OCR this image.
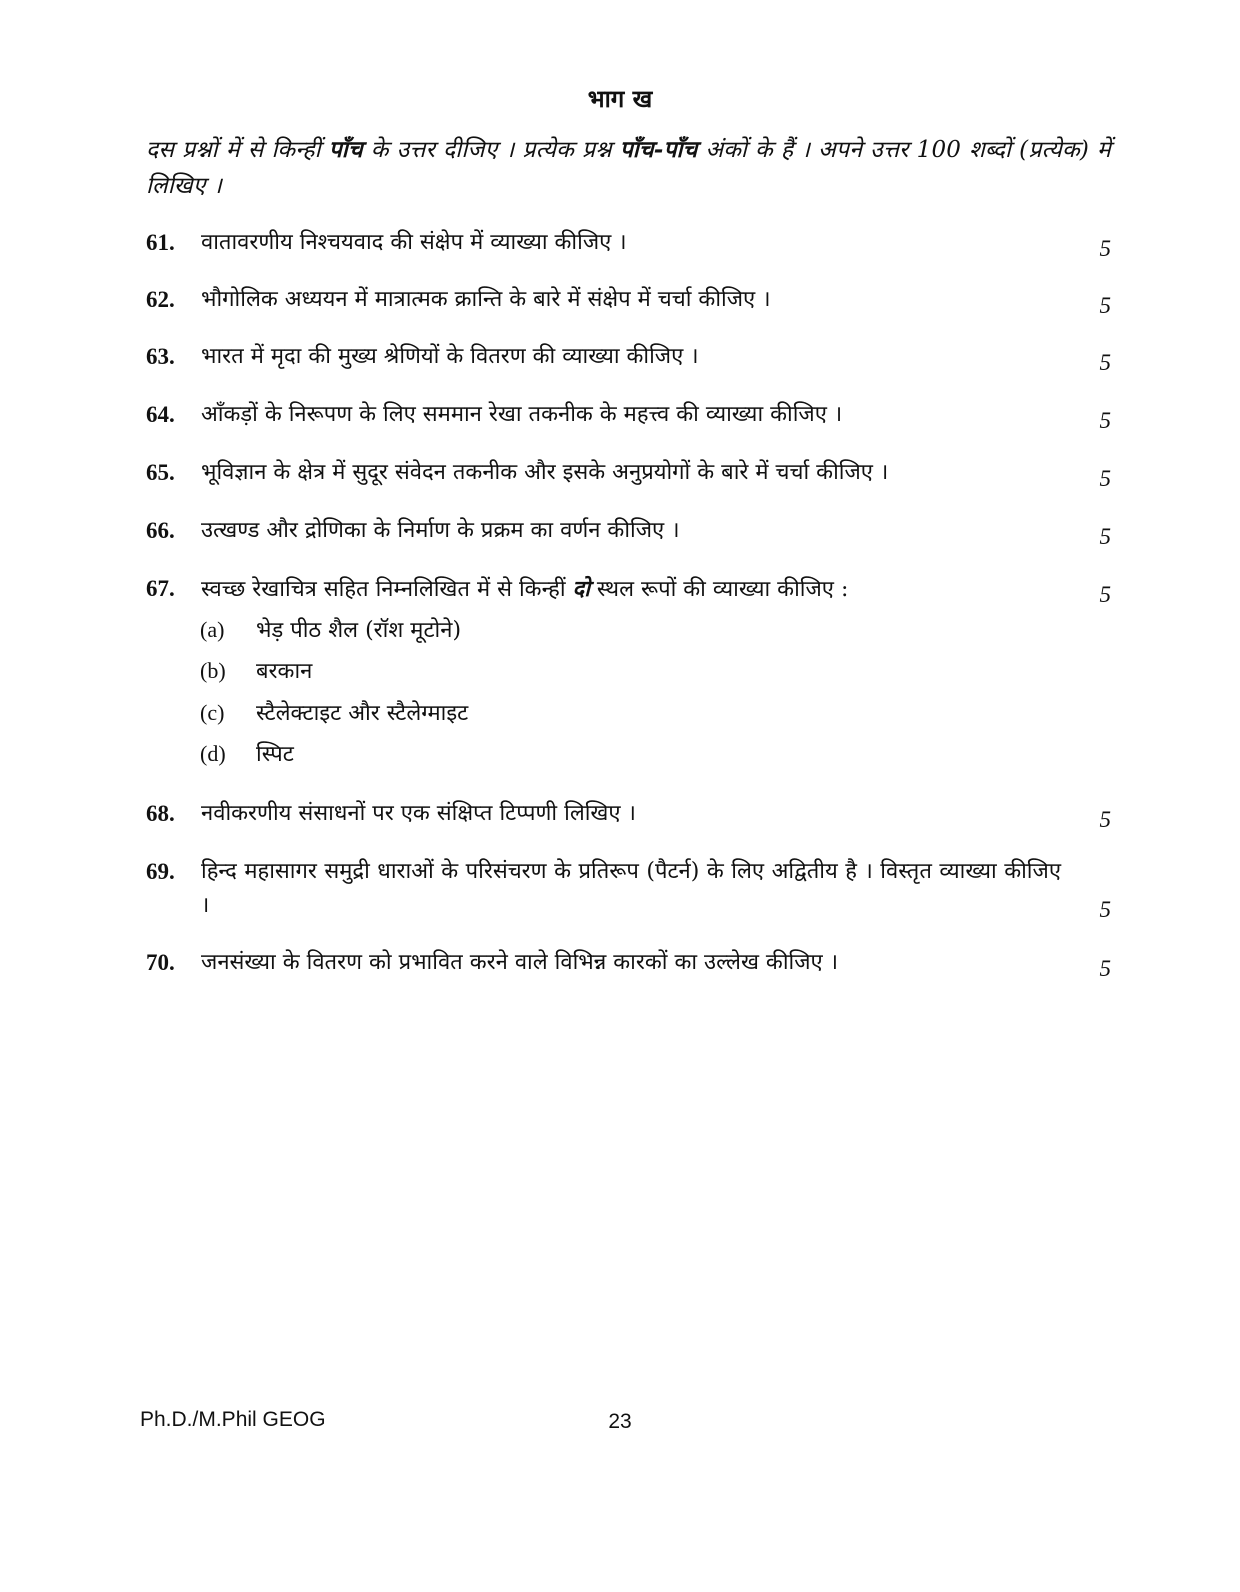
भाग ख
दस प्रश्नों में से किन्हीं पाँच के उत्तर दीजिए । प्रत्येक प्रश्न पाँच-पाँच अंकों के हैं । अपने उत्तर 100 शब्दों (प्रत्येक) में लिखिए ।
61. वातावरणीय निश्चयवाद की संक्षेप में व्याख्या कीजिए ।	5
62. भौगोलिक अध्ययन में मात्रात्मक क्रान्ति के बारे में संक्षेप में चर्चा कीजिए ।	5
63. भारत में मृदा की मुख्य श्रेणियों के वितरण की व्याख्या कीजिए ।	5
64. आँकड़ों के निरूपण के लिए सममान रेखा तकनीक के महत्त्व की व्याख्या कीजिए ।	5
65. भूविज्ञान के क्षेत्र में सुदूर संवेदन तकनीक और इसके अनुप्रयोगों के बारे में चर्चा कीजिए ।	5
66. उत्खण्ड और द्रोणिका के निर्माण के प्रक्रम का वर्णन कीजिए ।	5
67. स्वच्छ रेखाचित्र सहित निम्नलिखित में से किन्हीं दो स्थल रूपों की व्याख्या कीजिए :	5
(a) भेड़ पीठ शैल (रॉश मूटोने)
(b) बरकान
(c) स्टैलेक्टाइट और स्टैलेग्माइट
(d) स्पिट
68. नवीकरणीय संसाधनों पर एक संक्षिप्त टिप्पणी लिखिए ।	5
69. हिन्द महासागर समुद्री धाराओं के परिसंचरण के प्रतिरूप (पैटर्न) के लिए अद्वितीय है । विस्तृत व्याख्या कीजिए ।	5
70. जनसंख्या के वितरण को प्रभावित करने वाले विभिन्न कारकों का उल्लेख कीजिए ।	5
Ph.D./M.Phil GEOG	23
